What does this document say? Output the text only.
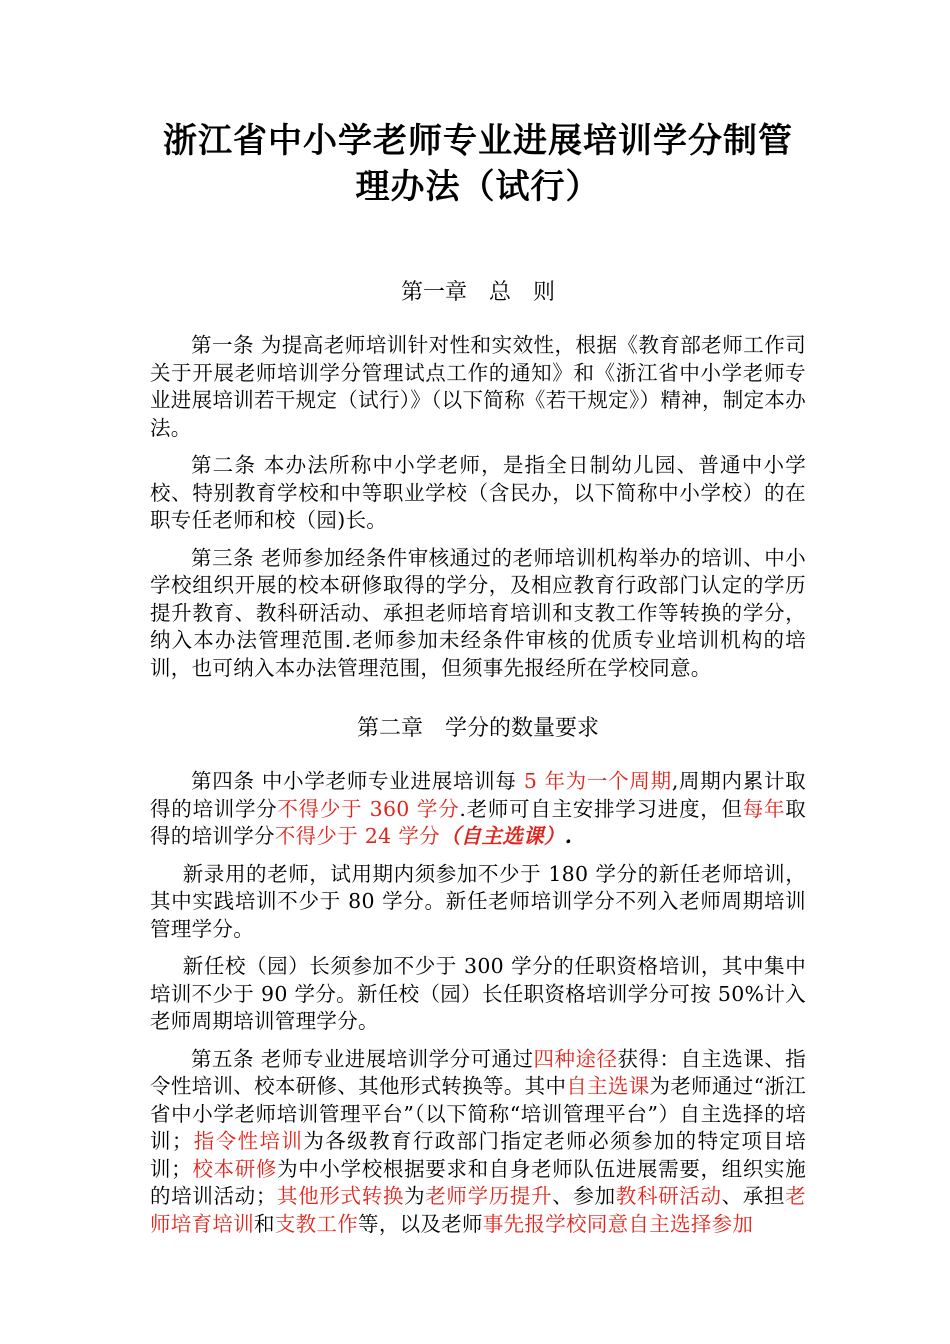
浙江省中小学老师专业进展培训学分制管
理办法（试行）
第一章　总　则

第一条 为提高老师培训针对性和实效性，根据《教育部老师工作司关于开展老师培训学分管理试点工作的通知》和《浙江省中小学老师专业进展培训若干规定（试行）》（以下简称《若干规定》）精神，制定本办法。

第二条 本办法所称中小学老师，是指全日制幼儿园、普通中小学校、特别教育学校和中等职业学校（含民办，以下简称中小学校）的在职专任老师和校（园)长。

第三条 老师参加经条件审核通过的老师培训机构举办的培训、中小学校组织开展的校本研修取得的学分，及相应教育行政部门认定的学历提升教育、教科研活动、承担老师培育培训和支教工作等转换的学分，纳入本办法管理范围.老师参加未经条件审核的优质专业培训机构的培训，也可纳入本办法管理范围，但须事先报经所在学校同意。

第二章　学分的数量要求

第四条 中小学老师专业进展培训每 5 年为一个周期,周期内累计取得的培训学分不得少于 360 学分.老师可自主安排学习进度，但每年取得的培训学分不得少于 24 学分（自主选课）.

新录用的老师，试用期内须参加不少于 180 学分的新任老师培训，其中实践培训不少于 80 学分。新任老师培训学分不列入老师周期培训管理学分。

新任校（园）长须参加不少于 300 学分的任职资格培训，其中集中培训不少于 90 学分。新任校（园）长任职资格培训学分可按 50%计入老师周期培训管理学分。

第五条 老师专业进展培训学分可通过四种途径获得：自主选课、指令性培训、校本研修、其他形式转换等。其中自主选课为老师通过“浙江省中小学老师培训管理平台”（以下简称“培训管理平台”）自主选择的培训；指令性培训为各级教育行政部门指定老师必须参加的特定项目培训；校本研修为中小学校根据要求和自身老师队伍进展需要，组织实施的培训活动；其他形式转换为老师学历提升、参加教科研活动、承担老师培育培训和支教工作等，以及老师事先报学校同意自主选择参加
